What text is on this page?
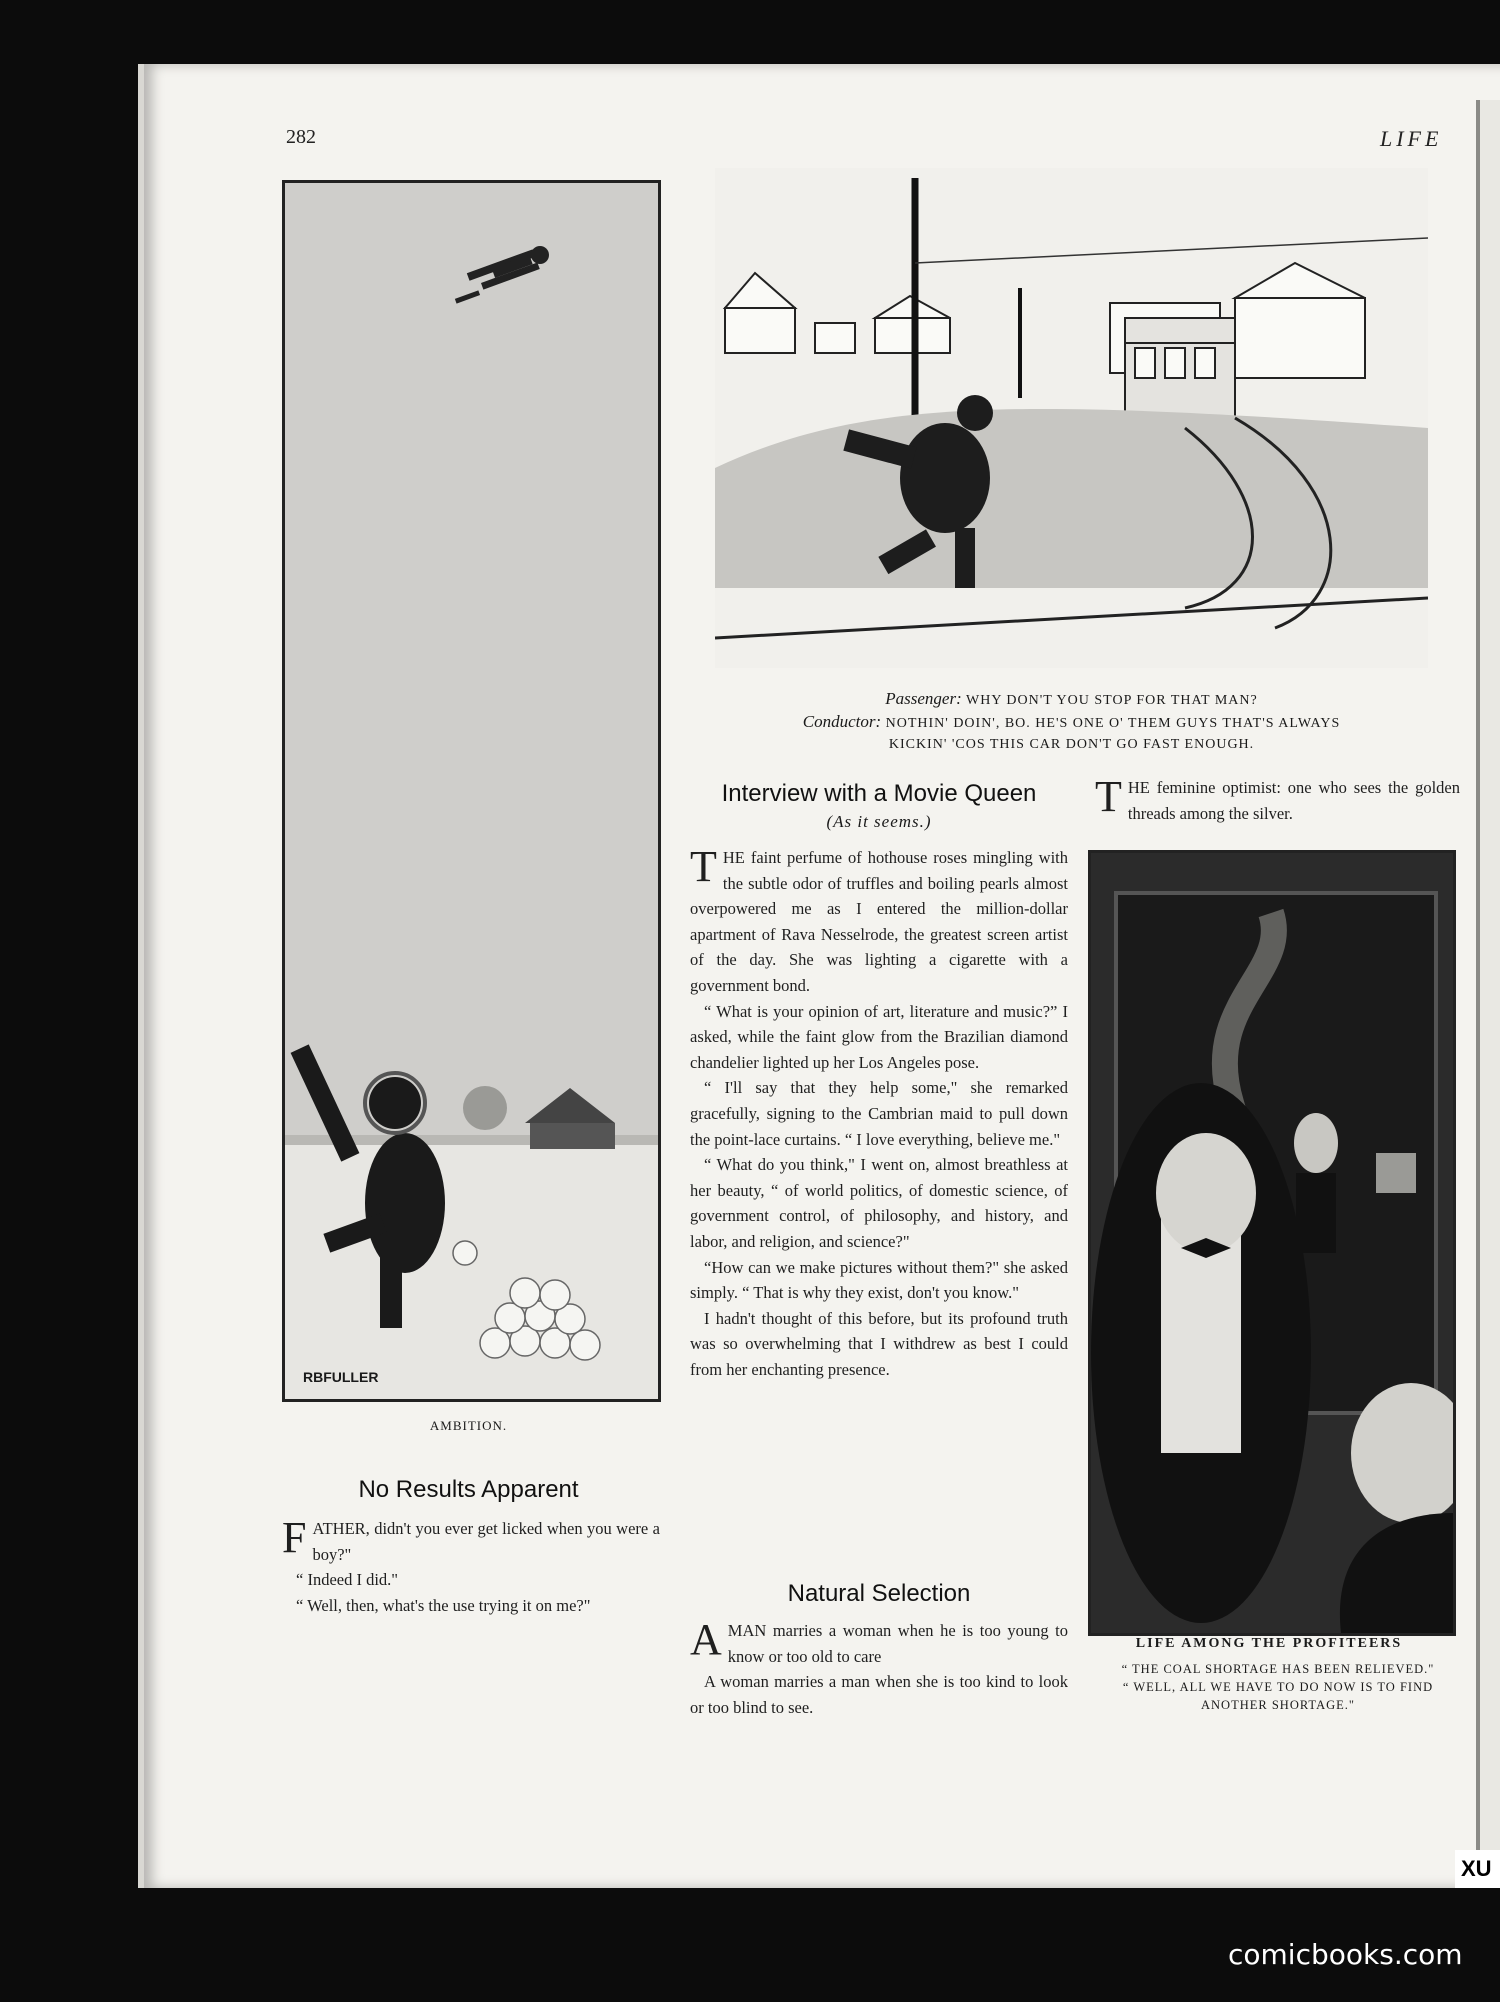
282	LIFE
RBFULLER
AMBITION.
No Results Apparent

FATHER, didn't you ever get licked when you were a boy?"

“ Indeed I did."

“ Well, then, what's the use trying it on me?"

Passenger: WHY DON'T YOU STOP FOR THAT MAN?
Conductor: NOTHIN' DOIN', BO. HE'S ONE O' THEM GUYS THAT'S ALWAYS
KICKIN' 'COS THIS CAR DON'T GO FAST ENOUGH.
Interview with a Movie Queen
(As it seems.)

THE faint perfume of hothouse roses mingling with the subtle odor of truffles and boiling pearls almost overpowered me as I entered the million-dollar apartment of Rava Nesselrode, the greatest screen artist of the day. She was lighting a cigarette with a government bond.

“ What is your opinion of art, literature and music?” I asked, while the faint glow from the Brazilian diamond chandelier lighted up her Los Angeles pose.

“ I'll say that they help some," she remarked gracefully, signing to the Cambrian maid to pull down the point-lace curtains. “ I love everything, believe me."

“ What do you think," I went on, almost breathless at her beauty, “ of world politics, of domestic science, of government control, of philosophy, and history, and labor, and religion, and science?"

“How can we make pictures without them?" she asked simply. “ That is why they exist, don't you know."

I hadn't thought of this before, but its profound truth was so overwhelming that I withdrew as best I could from her enchanting presence.

Natural Selection

AMAN marries a woman when he is too young to know or too old to care

A woman marries a man when she is too kind to look or too blind to see.

THE feminine optimist: one who sees the golden threads among the silver.

LIFE AMONG THE PROFITEERS
“ THE COAL SHORTAGE HAS BEEN RELIEVED."
“ WELL, ALL WE HAVE TO DO NOW IS TO FIND
ANOTHER SHORTAGE."
XU
comicbooks.com
